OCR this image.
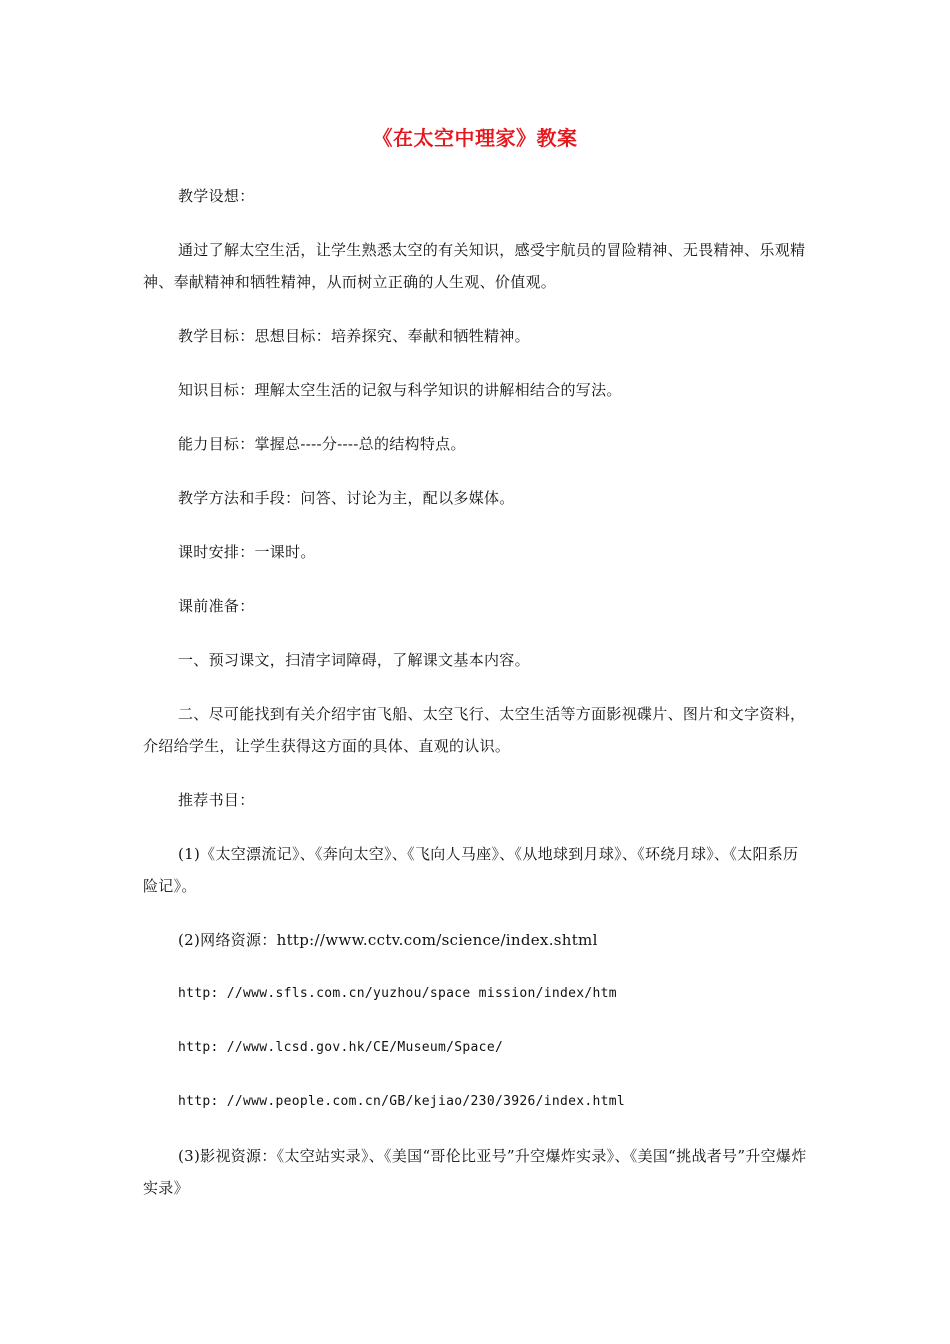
《在太空中理家》教案

教学设想：

通过了解太空生活，让学生熟悉太空的有关知识，感受宇航员的冒险精神、无畏精神、乐观精神、奉献精神和牺牲精神，从而树立正确的人生观、价值观。

教学目标：思想目标：培养探究、奉献和牺牲精神。

知识目标：理解太空生活的记叙与科学知识的讲解相结合的写法。

能力目标：掌握总----分----总的结构特点。

教学方法和手段：问答、讨论为主，配以多媒体。

课时安排：一课时。

课前准备：

一、预习课文，扫清字词障碍，了解课文基本内容。

二、尽可能找到有关介绍宇宙飞船、太空飞行、太空生活等方面影视碟片、图片和文字资料，介绍给学生，让学生获得这方面的具体、直观的认识。

推荐书目：

(1)《太空漂流记》、《奔向太空》、《飞向人马座》、《从地球到月球》、《环绕月球》、《太阳系历险记》。

(2)网络资源：http://www.cctv.com/science/index.shtml

http: //www.sfls.com.cn/yuzhou/space mission/index/htm

http: //www.lcsd.gov.hk/CE/Museum/Space/

http: //www.people.com.cn/GB/kejiao/230/3926/index.html

(3)影视资源：《太空站实录》、《美国“哥伦比亚号”升空爆炸实录》、《美国“挑战者号”升空爆炸实录》
